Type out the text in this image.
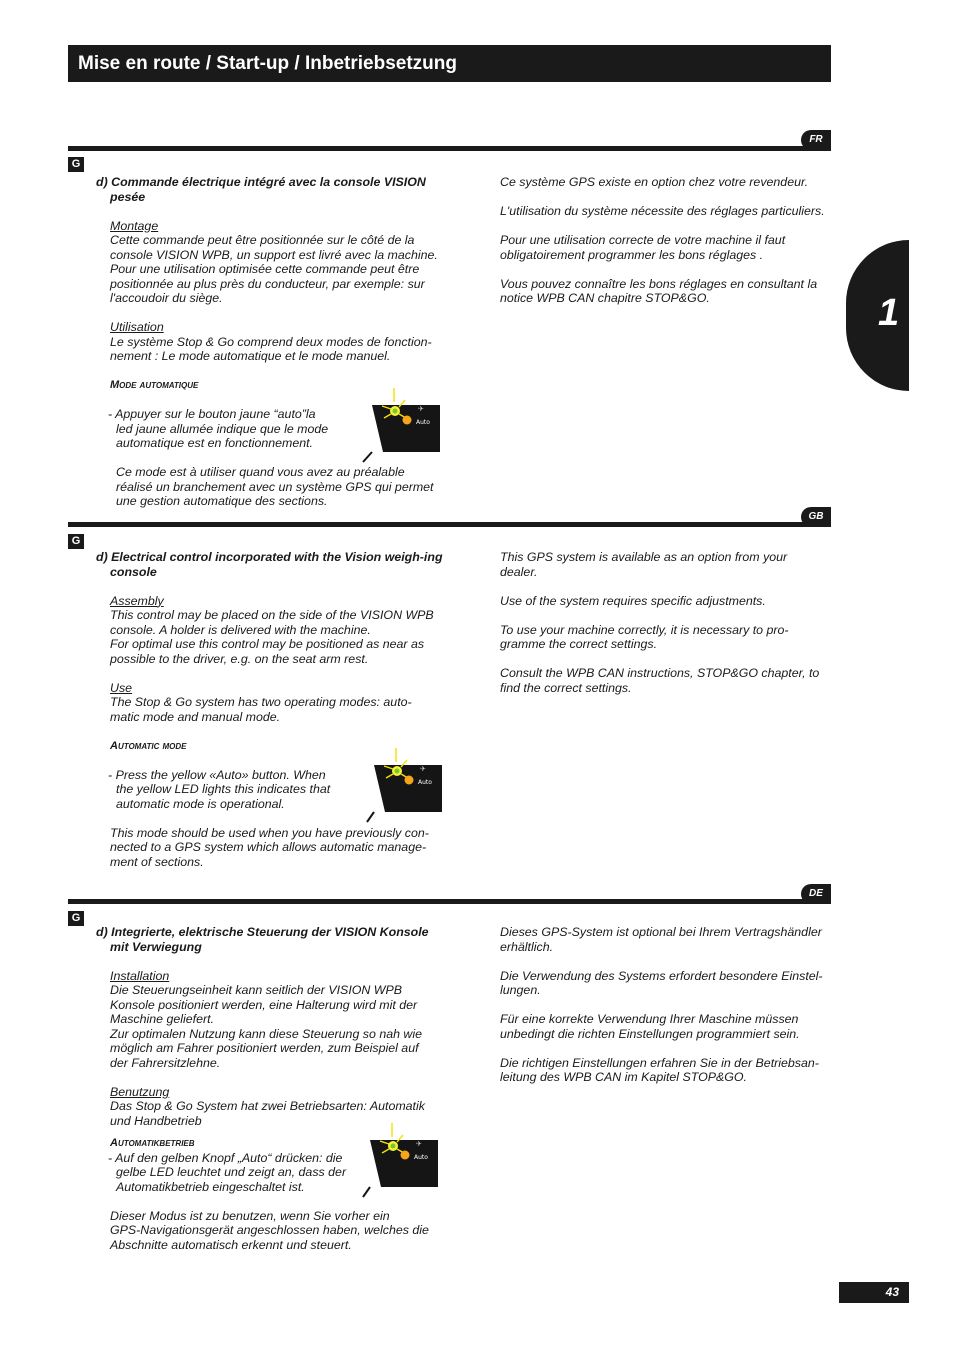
Mise en route / Start-up / Inbetriebsetzung
1
FR
G

d) Commande électrique intégré avec la console VISION pesée

Montage

Cette commande peut être positionnée sur le côté de la

console VISION WPB, un support est livré avec la machine.

Pour une utilisation optimisée cette commande peut être

positionnée au plus près du conducteur, par exemple: sur

l'accoudoir du siège.

Utilisation

Le système Stop & Go comprend deux modes de fonction-

nement : Le mode automatique et le mode manuel.

Mode automatique

- Appuyer sur le bouton jaune “auto”la
led jaune allumée indique que le mode
automatique est en fonctionnement.

Ce mode est à utiliser quand vous avez au préalable

réalisé un branchement avec un système GPS qui permet

une gestion automatique des sections.

Auto
✈

Ce système GPS existe en option chez votre revendeur.

L'utilisation du système nécessite des réglages particuliers.

Pour une utilisation correcte de votre machine il faut
obligatoirement programmer les bons réglages .

Vous pouvez connaître les bons réglages en consultant la
notice WPB CAN chapitre STOP&GO.

GB
G

d) Electrical control incorporated with the Vision weigh-ing console

Assembly

This control may be placed on the side of the VISION WPB

console. A holder is delivered with the machine.

For optimal use this control may be positioned as near as

possible to the driver, e.g. on the seat arm rest.

Use

The Stop & Go system has two operating modes: auto-

matic mode and manual mode.

Automatic mode

- Press the yellow «Auto» button. When
the yellow LED lights this indicates that
automatic mode is operational.

This mode should be used when you have previously con-

nected to a GPS system which allows automatic manage-

ment of sections.

Auto
✈

This GPS system is available as an option from your
dealer.

Use of the system requires specific adjustments.

To use your machine correctly, it is necessary to pro-
gramme the correct settings.

Consult the WPB CAN instructions, STOP&GO chapter, to
find the correct settings.

DE
G

d) Integrierte, elektrische Steuerung der VISION Konsole mit Verwiegung

Installation

Die Steuerungseinheit kann seitlich der VISION WPB

Konsole positioniert werden, eine Halterung wird mit der

Maschine geliefert.

Zur optimalen Nutzung kann diese Steuerung so nah wie

möglich am Fahrer positioniert werden, zum Beispiel auf

der Fahrersitzlehne.

Benutzung

Das Stop & Go System hat zwei Betriebsarten: Automatik

und Handbetrieb

Automatikbetrieb

- Auf den gelben Knopf „Auto“ drücken: die
gelbe LED leuchtet und zeigt an, dass der
Automatikbetrieb eingeschaltet ist.

Dieser Modus ist zu benutzen, wenn Sie vorher ein

GPS-Navigationsgerät angeschlossen haben, welches die

Abschnitte automatisch erkennt und steuert.

Auto
✈

Dieses GPS-System ist optional bei Ihrem Vertragshändler
erhältlich.

Die Verwendung des Systems erfordert besondere Einstel-
lungen.

Für eine korrekte Verwendung Ihrer Maschine müssen
unbedingt die richten Einstellungen programmiert sein.

Die richtigen Einstellungen erfahren Sie in der Betriebsan-
leitung des WPB CAN im Kapitel STOP&GO.

43
